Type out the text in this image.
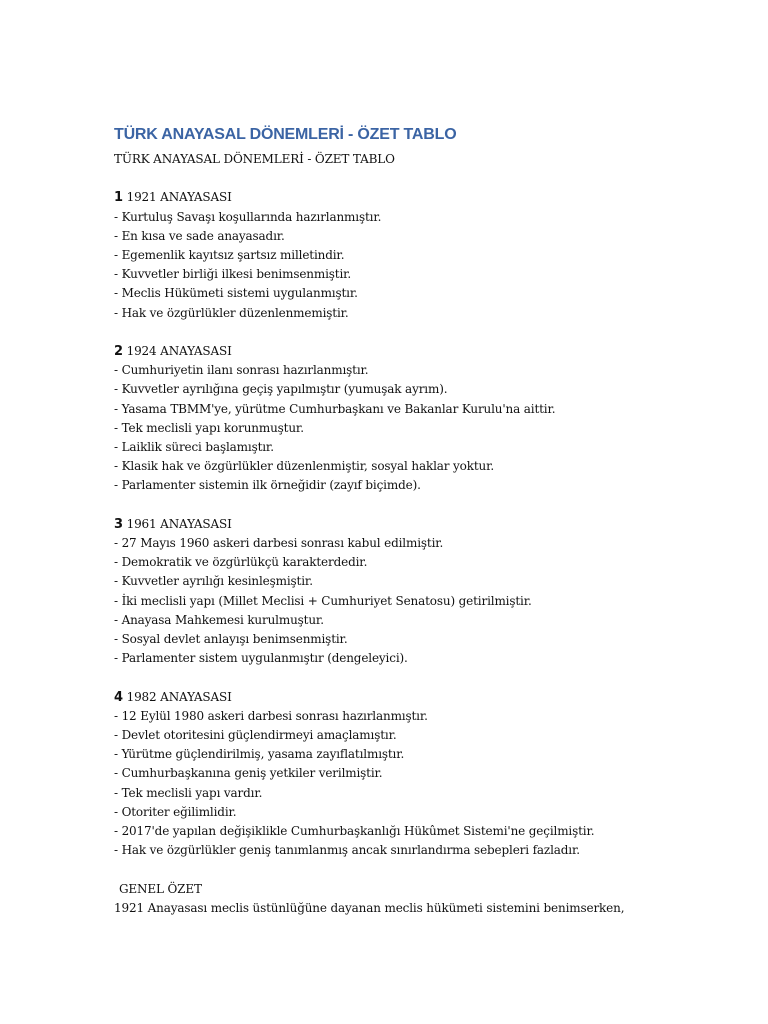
TÜRK ANAYASAL DÖNEMLERİ - ÖZET TABLO
TÜRK ANAYASAL DÖNEMLERİ - ÖZET TABLO
1 1921 ANAYASASI
- Kurtuluş Savaşı koşullarında hazırlanmıştır.
- En kısa ve sade anayasadır.
- Egemenlik kayıtsız şartsız milletindir.
- Kuvvetler birliği ilkesi benimsenmiştir.
- Meclis Hükümeti sistemi uygulanmıştır.
- Hak ve özgürlükler düzenlenmemiştir.
2 1924 ANAYASASI
- Cumhuriyetin ilanı sonrası hazırlanmıştır.
- Kuvvetler ayrılığına geçiş yapılmıştır (yumuşak ayrım).
- Yasama TBMM'ye, yürütme Cumhurbaşkanı ve Bakanlar Kurulu'na aittir.
- Tek meclisli yapı korunmuştur.
- Laiklik süreci başlamıştır.
- Klasik hak ve özgürlükler düzenlenmiştir, sosyal haklar yoktur.
- Parlamenter sistemin ilk örneğidir (zayıf biçimde).
3 1961 ANAYASASI
- 27 Mayıs 1960 askeri darbesi sonrası kabul edilmiştir.
- Demokratik ve özgürlükçü karakterdedir.
- Kuvvetler ayrılığı kesinleşmiştir.
- İki meclisli yapı (Millet Meclisi + Cumhuriyet Senatosu) getirilmiştir.
- Anayasa Mahkemesi kurulmuştur.
- Sosyal devlet anlayışı benimsenmiştir.
- Parlamenter sistem uygulanmıştır (dengeleyici).
4 1982 ANAYASASI
- 12 Eylül 1980 askeri darbesi sonrası hazırlanmıştır.
- Devlet otoritesini güçlendirmeyi amaçlamıştır.
- Yürütme güçlendirilmiş, yasama zayıflatılmıştır.
- Cumhurbaşkanına geniş yetkiler verilmiştir.
- Tek meclisli yapı vardır.
- Otoriter eğilimlidir.
- 2017'de yapılan değişiklikle Cumhurbaşkanlığı Hükûmet Sistemi'ne geçilmiştir.
- Hak ve özgürlükler geniş tanımlanmış ancak sınırlandırma sebepleri fazladır.
GENEL ÖZET
1921 Anayasası meclis üstünlüğüne dayanan meclis hükümeti sistemini benimserken,
